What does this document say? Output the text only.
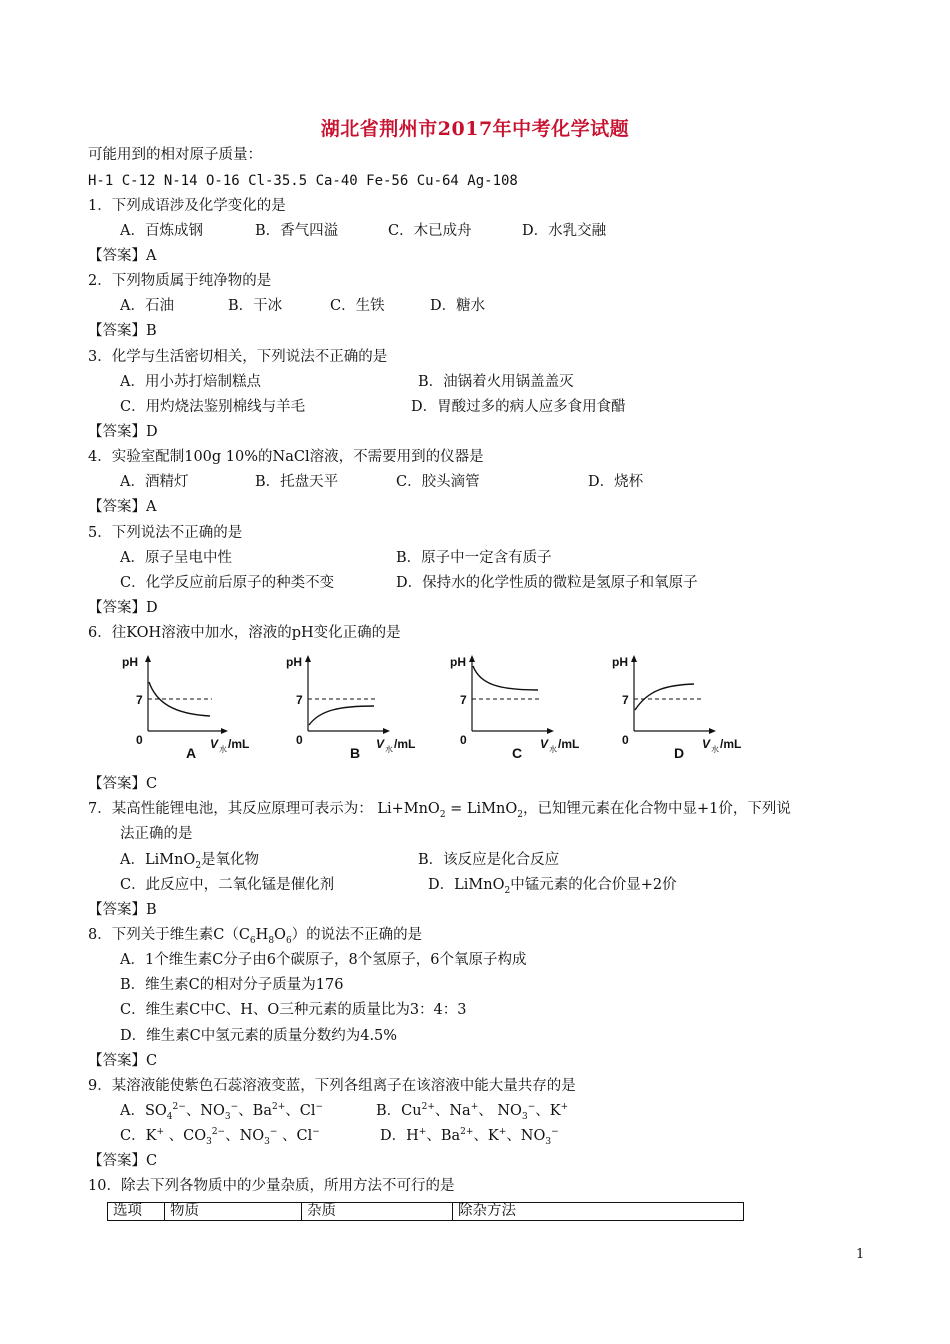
湖北省荆州市2017年中考化学试题
可能用到的相对原子质量：
H-1 C-12 N-14 O-16 Cl-35.5 Ca-40 Fe-56 Cu-64 Ag-108
1．下列成语涉及化学变化的是
A．百炼成钢	B．香气四溢	C．木已成舟	D．水乳交融
【答案】A
2．下列物质属于纯净物的是
A．石油	B．干冰	C．生铁	D．糖水
【答案】B
3．化学与生活密切相关，下列说法不正确的是
A．用小苏打焙制糕点	B．油锅着火用锅盖盖灭
C．用灼烧法鉴别棉线与羊毛	D．胃酸过多的病人应多食用食醋
【答案】D
4．实验室配制100g 10%的NaCl溶液，不需要用到的仪器是
A．酒精灯	B．托盘天平	C．胶头滴管	D．烧杯
【答案】A
5．下列说法不正确的是
A．原子呈电中性	B．原子中一定含有质子
C．化学反应前后原子的种类不变	D．保持水的化学性质的微粒是氢原子和氧原子
【答案】D
6．往KOH溶液中加水，溶液的pH变化正确的是
pH
7
0	V 水 /mL
A
pH
7
0	V 水 /mL
B
pH
7
0	V 水 /mL
C
pH
7
0	V 水 /mL
D
【答案】C
7．某高性能锂电池，其反应原理可表示为： Li+MnO$_2$ = LiMnO$_2$，已知锂元素在化合物中显+1价，下列说
法正确的是
A．LiMnO$_2$是氧化物	B．该反应是化合反应
C．此反应中，二氧化锰是催化剂	D．LiMnO$_2$中锰元素的化合价显+2价
【答案】B
8．下列关于维生素$C(C_6H_8O_6)$的说法不正确的是
A．1个维生素C分子由6个碳原子，8个氢原子，6个氧原子构成
B．维生素C的相对分子质量为176
C．维生素C中C、H、O三种元素的质量比为3：4：3
D．维生素C中氢元素的质量分数约为4.5%
【答案】C
9．某溶液能使紫色石蕊溶液变蓝，下列各组离子在该溶液中能大量共存的是
A．$SO_4^{2-}$、$NO_3^-$、$Ba^{2+}$、Cl−	B．$Cu^{2+}$、Na+、 $NO_3^-$、K+
C．K+ 、$CO_3^{2-}$、$NO_3^-$ 、Cl−	D．H+、$Ba^{2+}$、K+、$NO_3^-$
【答案】C
10．除去下列各物质中的少量杂质，所用方法不可行的是
选项	物质	杂质	除杂方法
1
